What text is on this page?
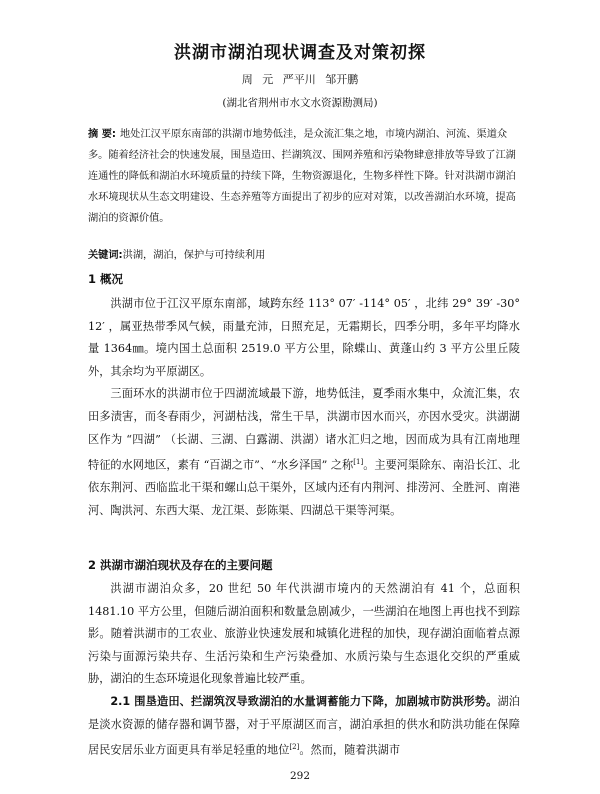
洪湖市湖泊现状调查及对策初探
周 元 严平川 邹开鹏
(湖北省荆州市水文水资源勘测局)
摘 要: 地处江汉平原东南部的洪湖市地势低洼，是众流汇集之地，市境内湖泊、河流、渠道众多。随着经济社会的快速发展，围垦造田、拦湖筑汊、围网养殖和污染物肆意排放等导致了江湖连通性的降低和湖泊水环境质量的持续下降，生物资源退化，生物多样性下降。针对洪湖市湖泊水环境现状从生态文明建设、生态养殖等方面提出了初步的应对对策，以改善湖泊水环境，提高湖泊的资源价值。
关键词:洪湖，湖泊，保护与可持续利用
1 概况

洪湖市位于江汉平原东南部，域跨东经 113° 07′ -114° 05′ ，北纬 29° 39′ -30° 12′ ，属亚热带季风气候，雨量充沛，日照充足，无霜期长，四季分明，多年平均降水量 1364㎜。境内国土总面积 2519.0 平方公里，除蝶山、黄蓬山约 3 平方公里丘陵外，其余均为平原湖区。

三面环水的洪湖市位于四湖流域最下游，地势低洼，夏季雨水集中，众流汇集，农田多渍害，而冬春雨少，河湖枯浅，常生干旱，洪湖市因水而兴，亦因水受灾。洪湖湖区作为 “四湖” （长湖、三湖、白露湖、洪湖）诸水汇归之地，因而成为具有江南地理特征的水网地区，素有 “百湖之市”、“水乡泽国” 之称[1]。主要河渠除东、南沿长江、北依东荆河、西临监北干渠和螺山总干渠外，区域内还有内荆河、排涝河、全胜河、南港河、陶洪河、东西大渠、龙江渠、彭陈渠、四湖总干渠等河渠。

2 洪湖市湖泊现状及存在的主要问题

洪湖市湖泊众多，20 世纪 50 年代洪湖市境内的天然湖泊有 41 个，总面积 1481.10 平方公里，但随后湖泊面积和数量急剧减少，一些湖泊在地图上再也找不到踪影。随着洪湖市的工农业、旅游业快速发展和城镇化进程的加快，现存湖泊面临着点源污染与面源污染共存、生活污染和生产污染叠加、水质污染与生态退化交织的严重威胁，湖泊的生态环境退化现象普遍比较严重。

2.1 围垦造田、拦湖筑汊导致湖泊的水量调蓄能力下降，加剧城市防洪形势。湖泊是淡水资源的储存器和调节器，对于平原湖区而言，湖泊承担的供水和防洪功能在保障居民安居乐业方面更具有举足轻重的地位[2]。然而，随着洪湖市

292
